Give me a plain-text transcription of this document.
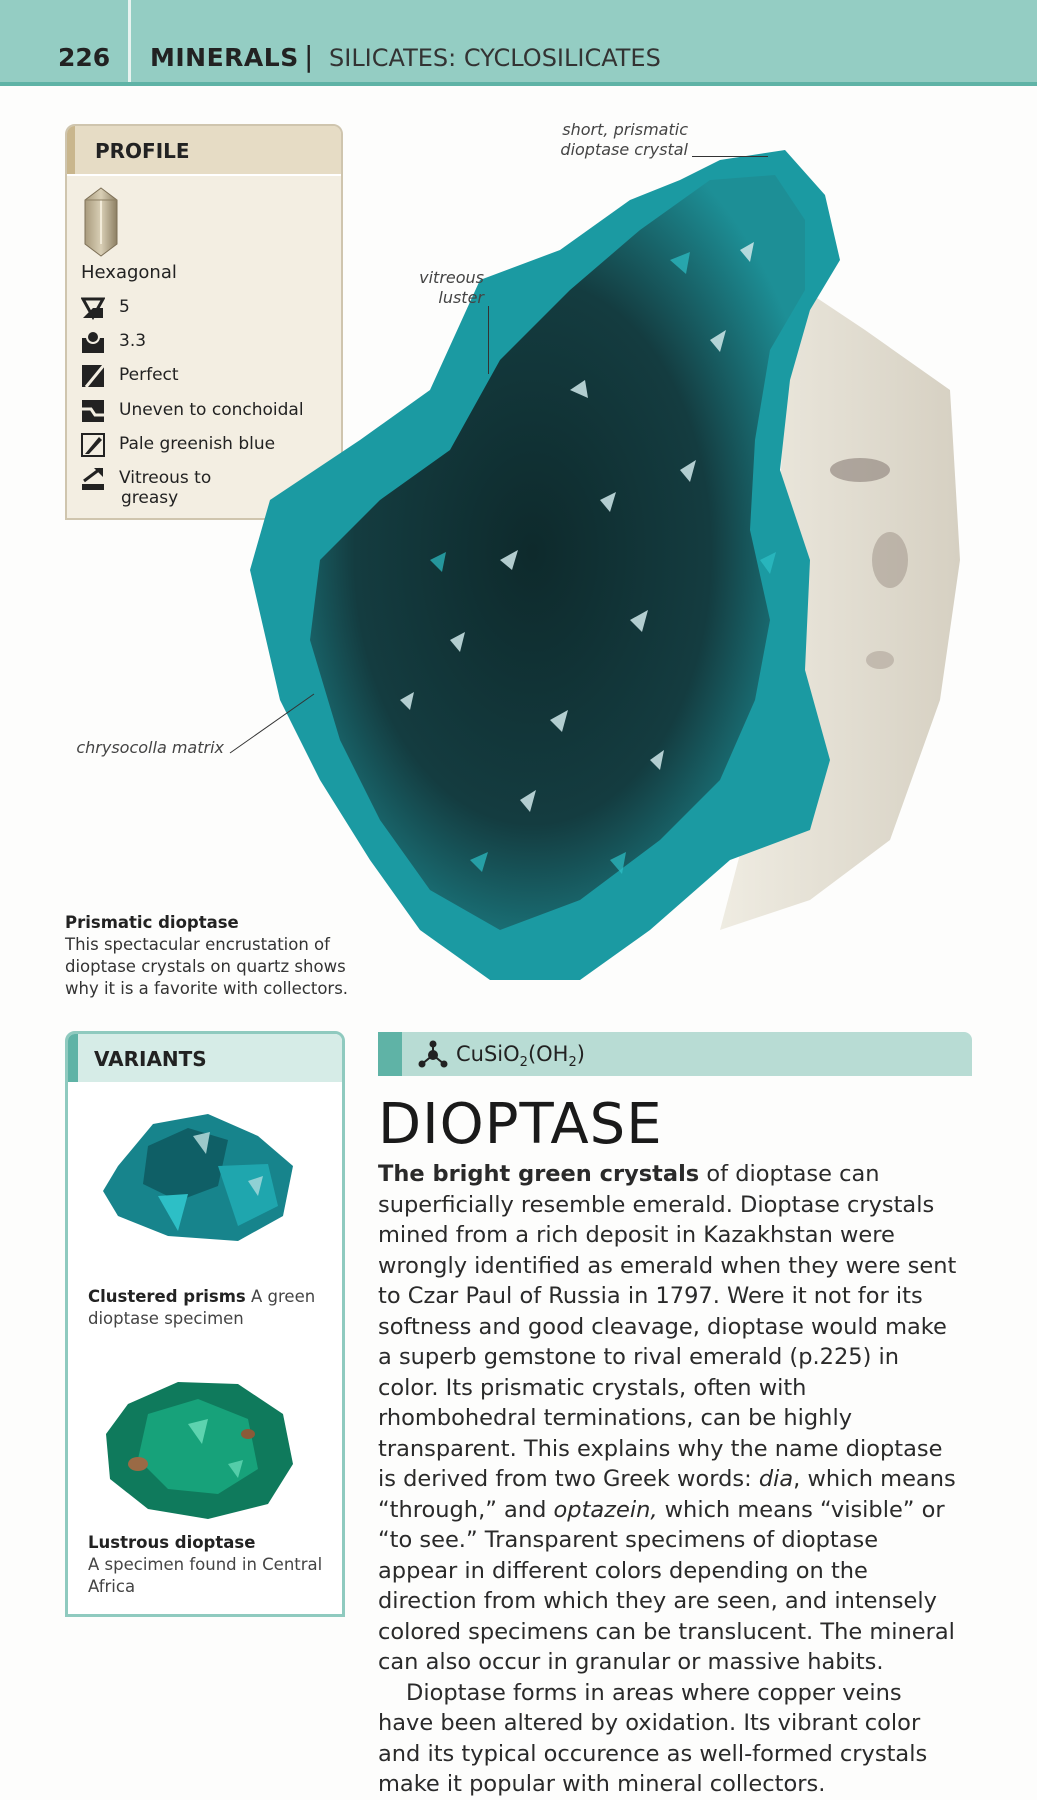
226 MINERALS | SILICATES: CYCLOSILICATES
PROFILE
Hexagonal
5
3.3
Perfect
Uneven to conchoidal
Pale greenish blue
Vitreous to
greasy
short, prismatic
dioptase crystal
vitreous
luster
chrysocolla matrix
Prismatic dioptase
This spectacular encrustation of dioptase crystals on quartz shows why it is a favorite with collectors.
VARIANTS
Clustered prisms A green dioptase specimen
Lustrous dioptase
A specimen found in Central Africa
$CuSiO_2(OH_2)$
DIOPTASE

The bright green crystals of dioptase can superficially resemble emerald. Dioptase crystals mined from a rich deposit in Kazakhstan were wrongly identified as emerald when they were sent to Czar Paul of Russia in 1797. Were it not for its softness and good cleavage, dioptase would make a superb gemstone to rival emerald (p.225) in color. Its prismatic crystals, often with rhombohedral terminations, can be highly transparent. This explains why the name dioptase is derived from two Greek words: dia, which means “through,” and optazein, which means “visible” or “to see.” Transparent specimens of dioptase appear in different colors depending on the direction from which they are seen, and intensely colored specimens can be translucent. The mineral can also occur in granular or massive habits.

Dioptase forms in areas where copper veins have been altered by oxidation. Its vibrant color and its typical occurence as well-formed crystals make it popular with mineral collectors.
